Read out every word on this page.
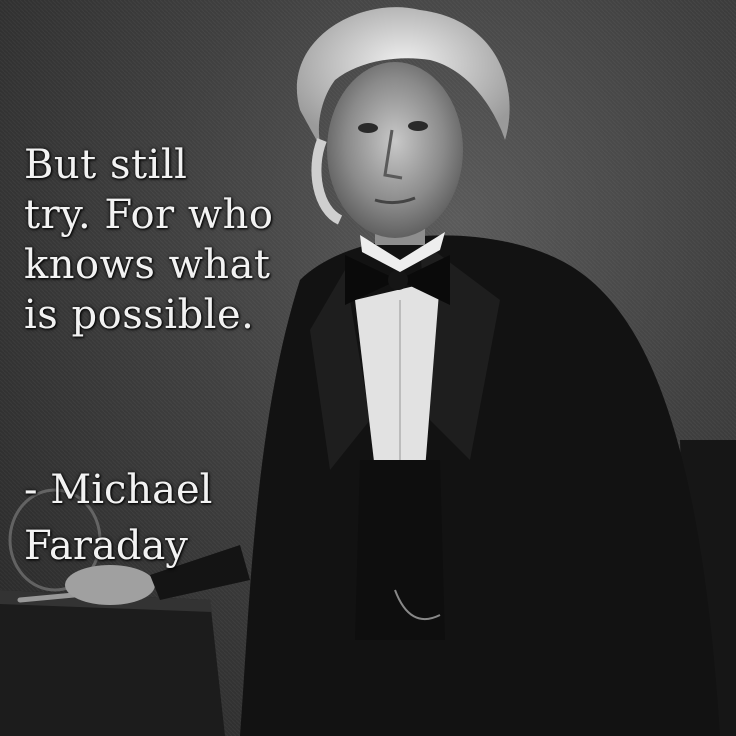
But still
try. For who
knows what
is possible.
- Michael
Faraday
